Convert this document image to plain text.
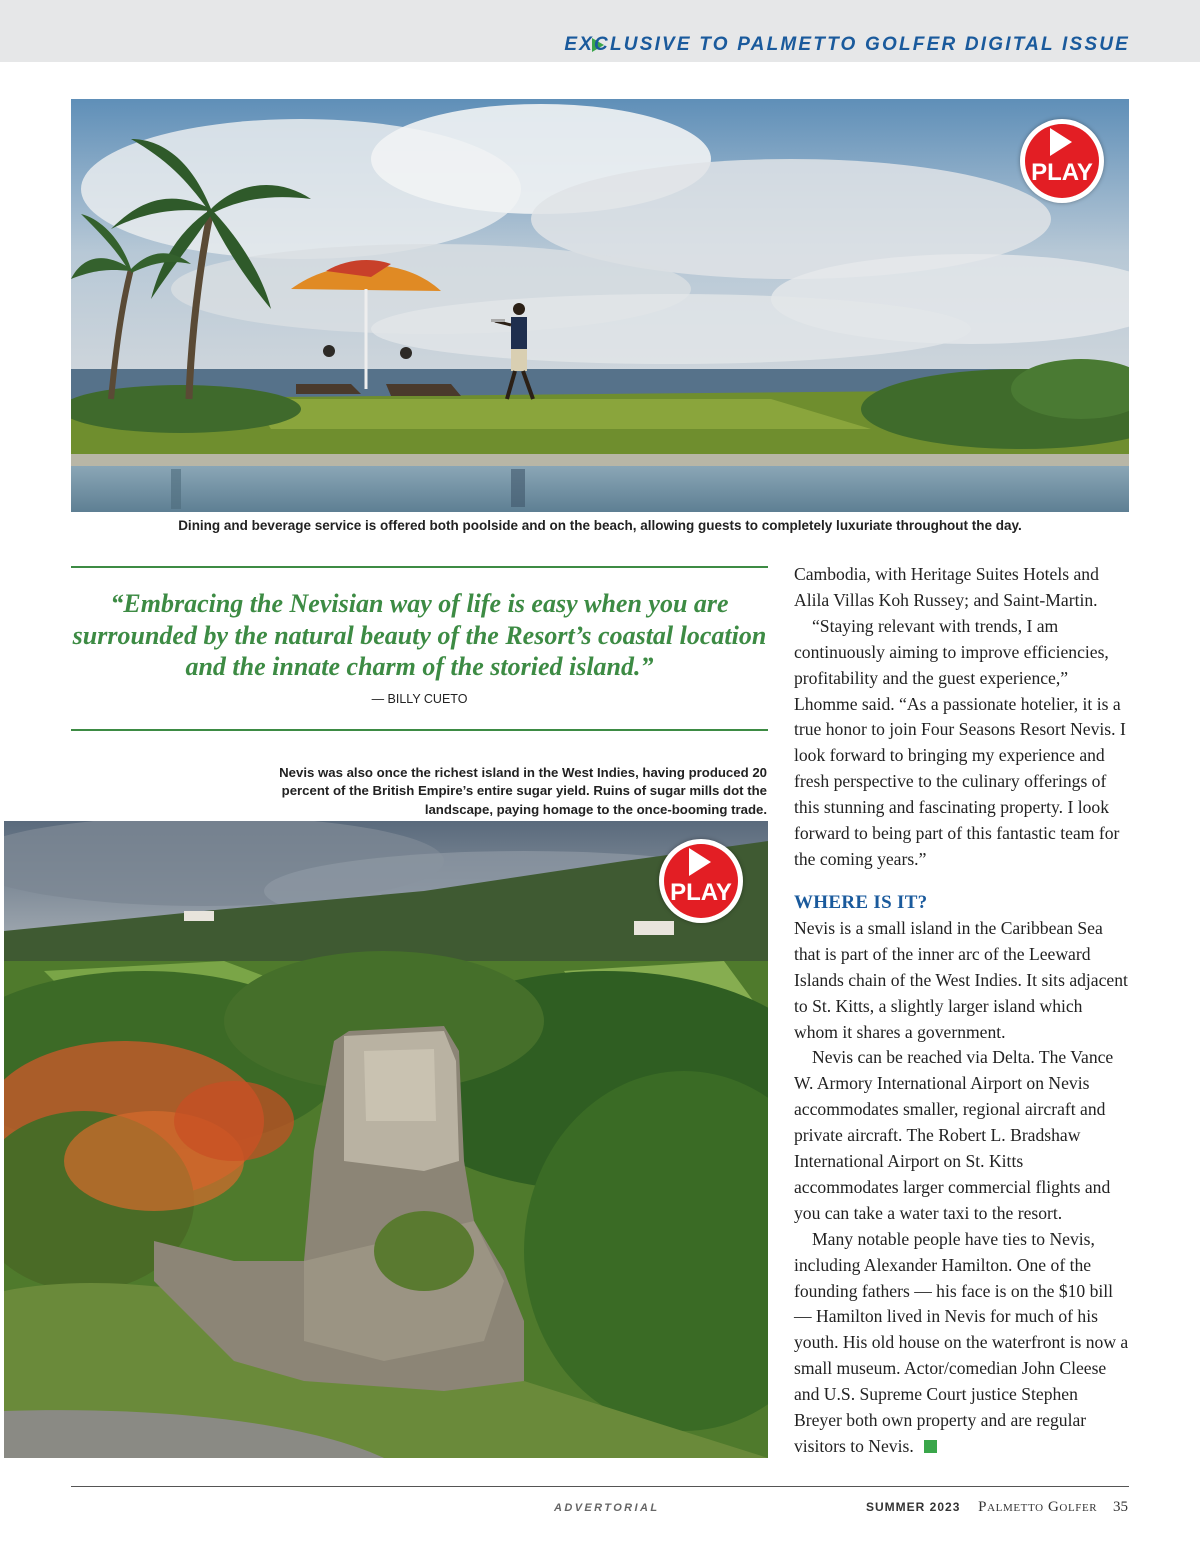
EXCLUSIVE TO PALMETTO GOLFER DIGITAL ISSUE
PLAY
Dining and beverage service is offered both poolside and on the beach, allowing guests to completely luxuriate throughout the day.
“Embracing the Nevisian way of life is easy when you are surrounded by the natural beauty of the Resort’s coastal location and the innate charm of the storied island.”
— BILLY CUETO
Nevis was also once the richest island in the West Indies, having produced 20 percent of the British Empire’s entire sugar yield. Ruins of sugar mills dot the landscape, paying homage to the once-booming trade.
PLAY

Cambodia, with Heritage Suites Hotels and Alila Villas Koh Russey; and Saint-Martin.

“Staying relevant with trends, I am continuously aiming to improve efficiencies, profitability and the guest experience,” Lhomme said. “As a passionate hotelier, it is a true honor to join Four Seasons Resort Nevis. I look forward to bringing my experience and fresh perspective to the culinary offerings of this stunning and fascinating property. I look forward to being part of this fantastic team for the coming years.”

WHERE IS IT?

Nevis is a small island in the Caribbean Sea that is part of the inner arc of the Leeward Islands chain of the West Indies. It sits adjacent to St. Kitts, a slightly larger island which whom it shares a government.

Nevis can be reached via Delta. The Vance W. Armory International Airport on Nevis accommodates smaller, regional aircraft and private aircraft. The Robert L. Bradshaw International Airport on St. Kitts accommodates larger commercial flights and you can take a water taxi to the resort.

Many notable people have ties to Nevis, including Alexander Hamilton. One of the founding fathers — his face is on the $10 bill — Hamilton lived in Nevis for much of his youth. His old house on the waterfront is now a small museum. Actor/comedian John Cleese and U.S. Supreme Court justice Stephen Breyer both own property and are regular visitors to Nevis.

ADVERTORIAL	SUMMER 2023 Palmetto Golfer 35
